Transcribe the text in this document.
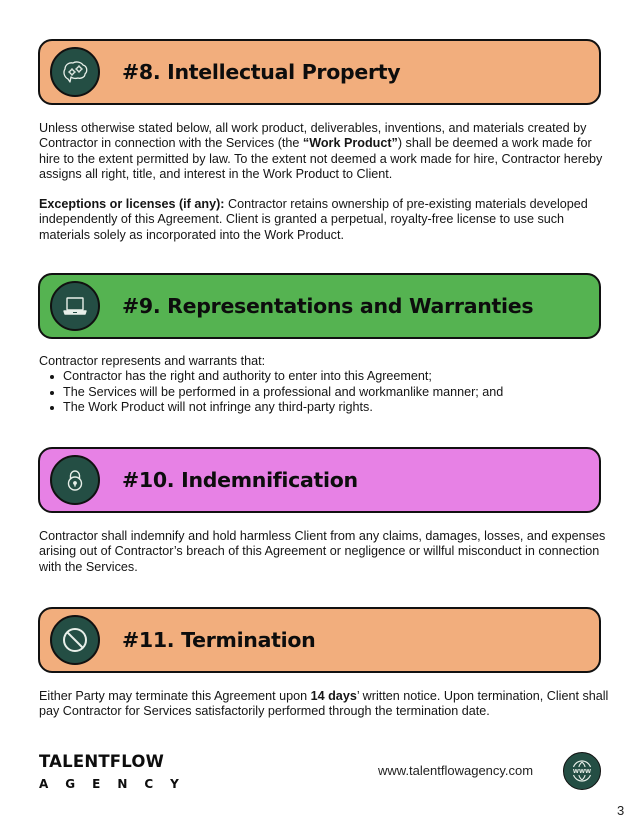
#8. Intellectual Property

Unless otherwise stated below, all work product, deliverables, inventions, and materials created by Contractor in connection with the Services (the “Work Product”) shall be deemed a work made for hire to the extent permitted by law. To the extent not deemed a work made for hire, Contractor hereby assigns all right, title, and interest in the Work Product to Client.

Exceptions or licenses (if any): Contractor retains ownership of pre-existing materials developed independently of this Agreement. Client is granted a perpetual, royalty-free license to use such materials solely as incorporated into the Work Product.

#9. Representations and Warranties

Contractor represents and warrants that:

Contractor has the right and authority to enter into this Agreement;
The Services will be performed in a professional and workmanlike manner; and
The Work Product will not infringe any third-party rights.
#10. Indemnification

Contractor shall indemnify and hold harmless Client from any claims, damages, losses, and expenses arising out of Contractor’s breach of this Agreement or negligence or willful misconduct in connection with the Services.

#11. Termination

Either Party may terminate this Agreement upon 14 days’ written notice. Upon termination, Client shall pay Contractor for Services satisfactorily performed through the termination date.

TALENTFLOW
AGENCY
www.talentflowagency.com	WWW
3
